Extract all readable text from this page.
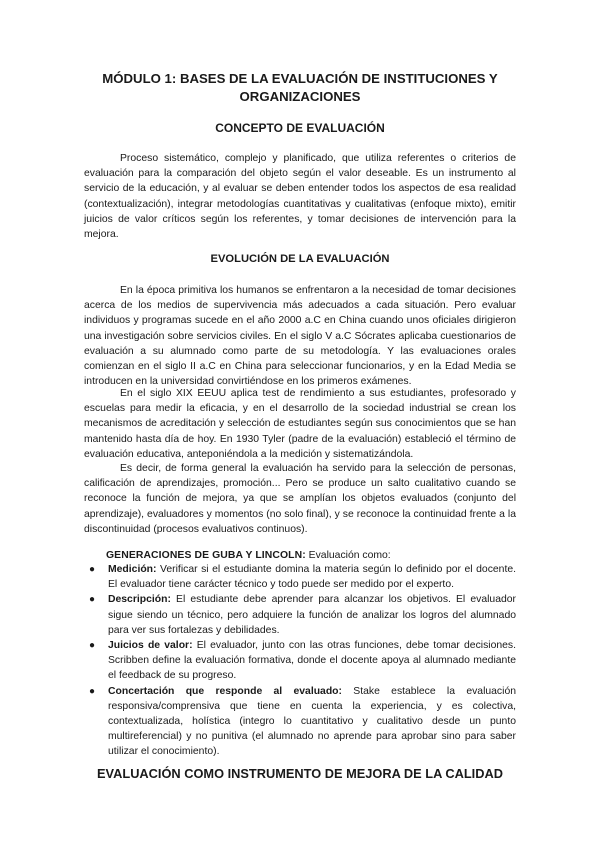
MÓDULO 1: BASES DE LA EVALUACIÓN DE INSTITUCIONES Y ORGANIZACIONES
CONCEPTO DE EVALUACIÓN

Proceso sistemático, complejo y planificado, que utiliza referentes o criterios de evaluación para la comparación del objeto según el valor deseable. Es un instrumento al servicio de la educación, y al evaluar se deben entender todos los aspectos de esa realidad (contextualización), integrar metodologías cuantitativas y cualitativas (enfoque mixto), emitir juicios de valor críticos según los referentes, y tomar decisiones de intervención para la mejora.

EVOLUCIÓN DE LA EVALUACIÓN

En la época primitiva los humanos se enfrentaron a la necesidad de tomar decisiones acerca de los medios de supervivencia más adecuados a cada situación. Pero evaluar individuos y programas sucede en el año 2000 a.C en China cuando unos oficiales dirigieron una investigación sobre servicios civiles. En el siglo V a.C Sócrates aplicaba cuestionarios de evaluación a su alumnado como parte de su metodología. Y las evaluaciones orales comienzan en el siglo II a.C en China para seleccionar funcionarios, y en la Edad Media se introducen en la universidad convirtiéndose en los primeros exámenes.

En el siglo XIX EEUU aplica test de rendimiento a sus estudiantes, profesorado y escuelas para medir la eficacia, y en el desarrollo de la sociedad industrial se crean los mecanismos de acreditación y selección de estudiantes según sus conocimientos que se han mantenido hasta día de hoy. En 1930 Tyler (padre de la evaluación) estableció el término de evaluación educativa, anteponiéndola a la medición y sistematizándola.

Es decir, de forma general la evaluación ha servido para la selección de personas, calificación de aprendizajes, promoción... Pero se produce un salto cualitativo cuando se reconoce la función de mejora, ya que se amplían los objetos evaluados (conjunto del aprendizaje), evaluadores y momentos (no solo final), y se reconoce la continuidad frente a la discontinuidad (procesos evaluativos continuos).

GENERACIONES DE GUBA Y LINCOLN: Evaluación como:
● Medición: Verificar si el estudiante domina la materia según lo definido por el docente. El evaluador tiene carácter técnico y todo puede ser medido por el experto.
● Descripción: El estudiante debe aprender para alcanzar los objetivos. El evaluador sigue siendo un técnico, pero adquiere la función de analizar los logros del alumnado para ver sus fortalezas y debilidades.
● Juicios de valor: El evaluador, junto con las otras funciones, debe tomar decisiones. Scribben define la evaluación formativa, donde el docente apoya al alumnado mediante el feedback de su progreso.
● Concertación que responde al evaluado: Stake establece la evaluación responsiva/comprensiva que tiene en cuenta la experiencia, y es colectiva, contextualizada, holística (integro lo cuantitativo y cualitativo desde un punto multireferencial) y no punitiva (el alumnado no aprende para aprobar sino para saber utilizar el conocimiento).
EVALUACIÓN COMO INSTRUMENTO DE MEJORA DE LA CALIDAD
